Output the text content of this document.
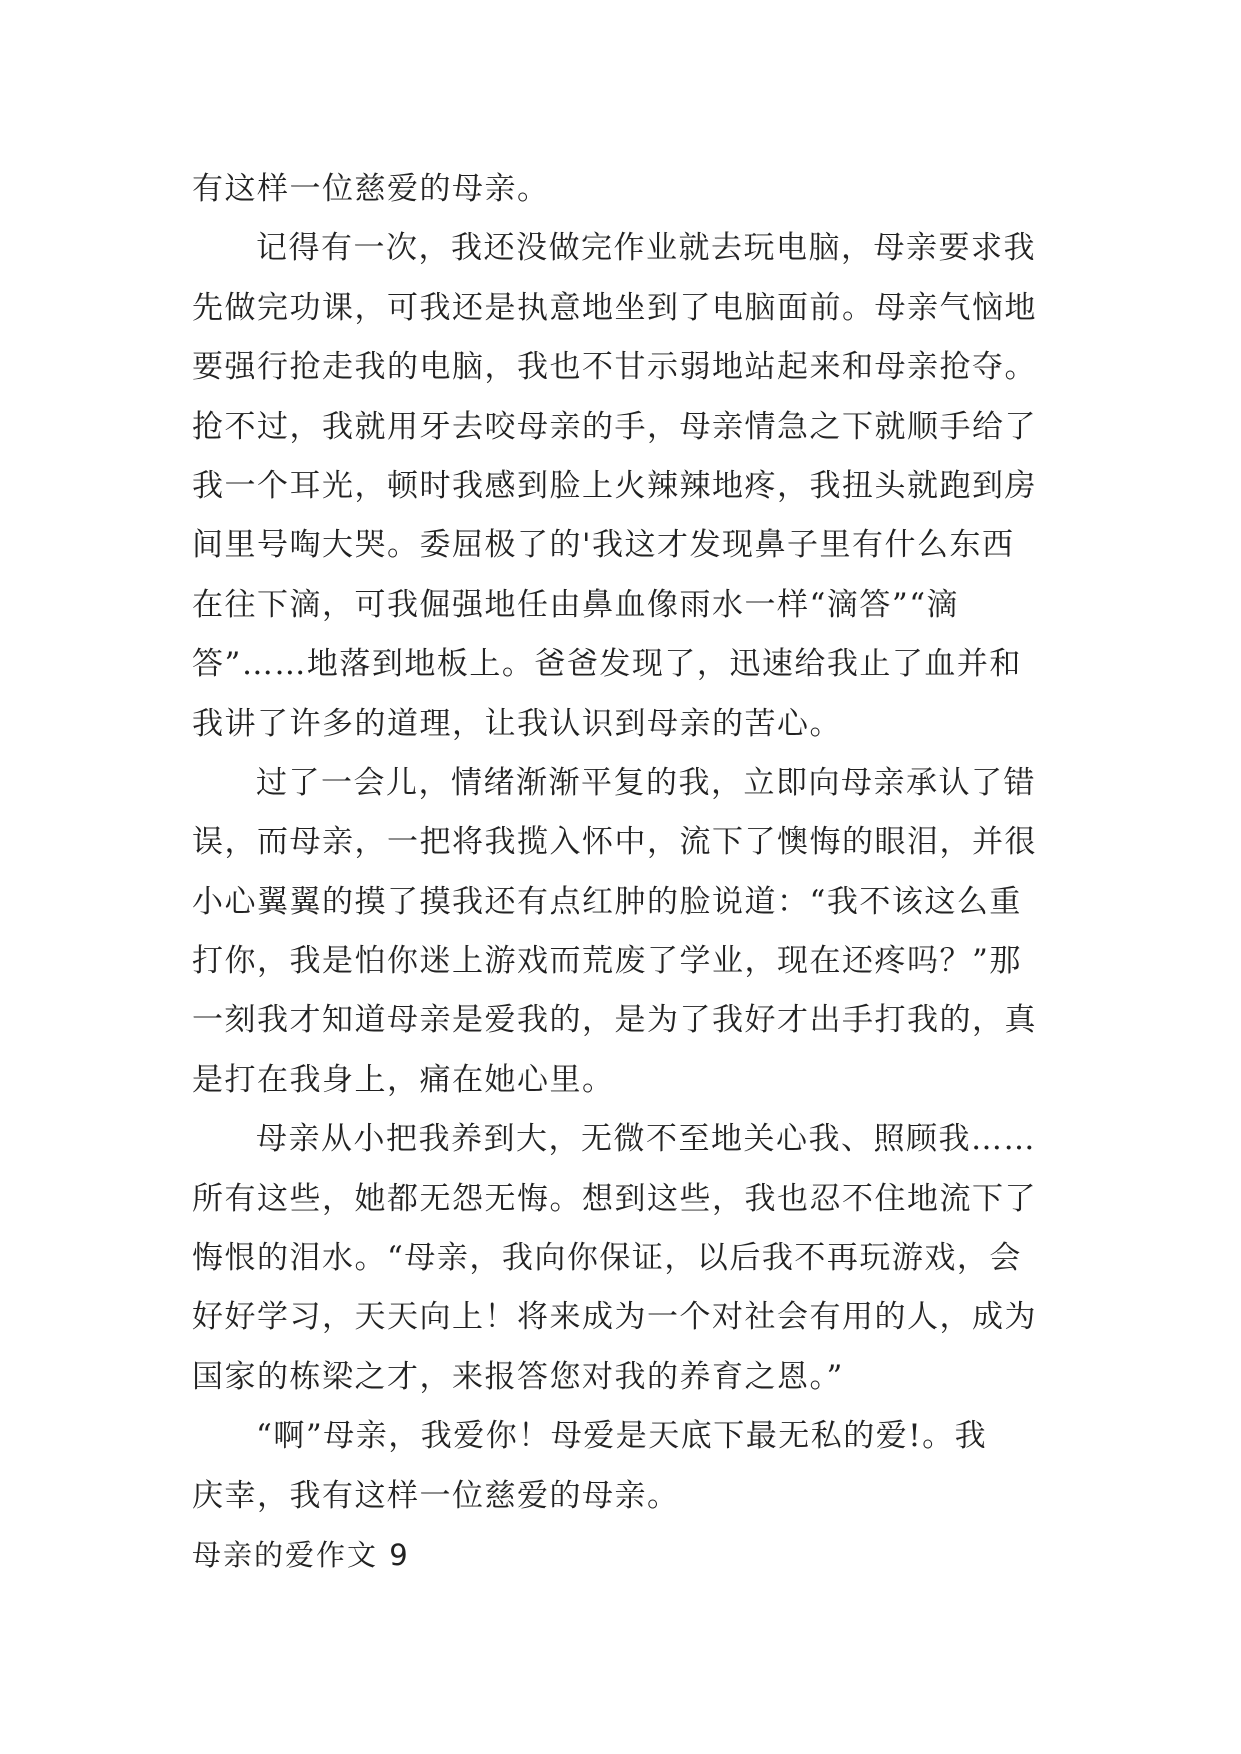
有这样一位慈爱的母亲。
记得有一次，我还没做完作业就去玩电脑，母亲要求我
先做完功课，可我还是执意地坐到了电脑面前。母亲气恼地
要强行抢走我的电脑，我也不甘示弱地站起来和母亲抢夺。
抢不过，我就用牙去咬母亲的手，母亲情急之下就顺手给了
我一个耳光，顿时我感到脸上火辣辣地疼，我扭头就跑到房
间里号啕大哭。委屈极了的'我这才发现鼻子里有什么东西
在往下滴，可我倔强地任由鼻血像雨水一样“滴答”“滴
答”……地落到地板上。爸爸发现了，迅速给我止了血并和
我讲了许多的道理，让我认识到母亲的苦心。
过了一会儿，情绪渐渐平复的我，立即向母亲承认了错
误，而母亲，一把将我揽入怀中，流下了懊悔的眼泪，并很
小心翼翼的摸了摸我还有点红肿的脸说道：“我不该这么重
打你，我是怕你迷上游戏而荒废了学业，现在还疼吗？”那
一刻我才知道母亲是爱我的，是为了我好才出手打我的，真
是打在我身上，痛在她心里。
母亲从小把我养到大，无微不至地关心我、照顾我……
所有这些，她都无怨无悔。想到这些，我也忍不住地流下了
悔恨的泪水。“母亲，我向你保证，以后我不再玩游戏，会
好好学习，天天向上！将来成为一个对社会有用的人，成为
国家的栋梁之才，来报答您对我的养育之恩。”
“啊”母亲，我爱你！母爱是天底下最无私的爱!。我
庆幸，我有这样一位慈爱的母亲。
母亲的爱作文 9
